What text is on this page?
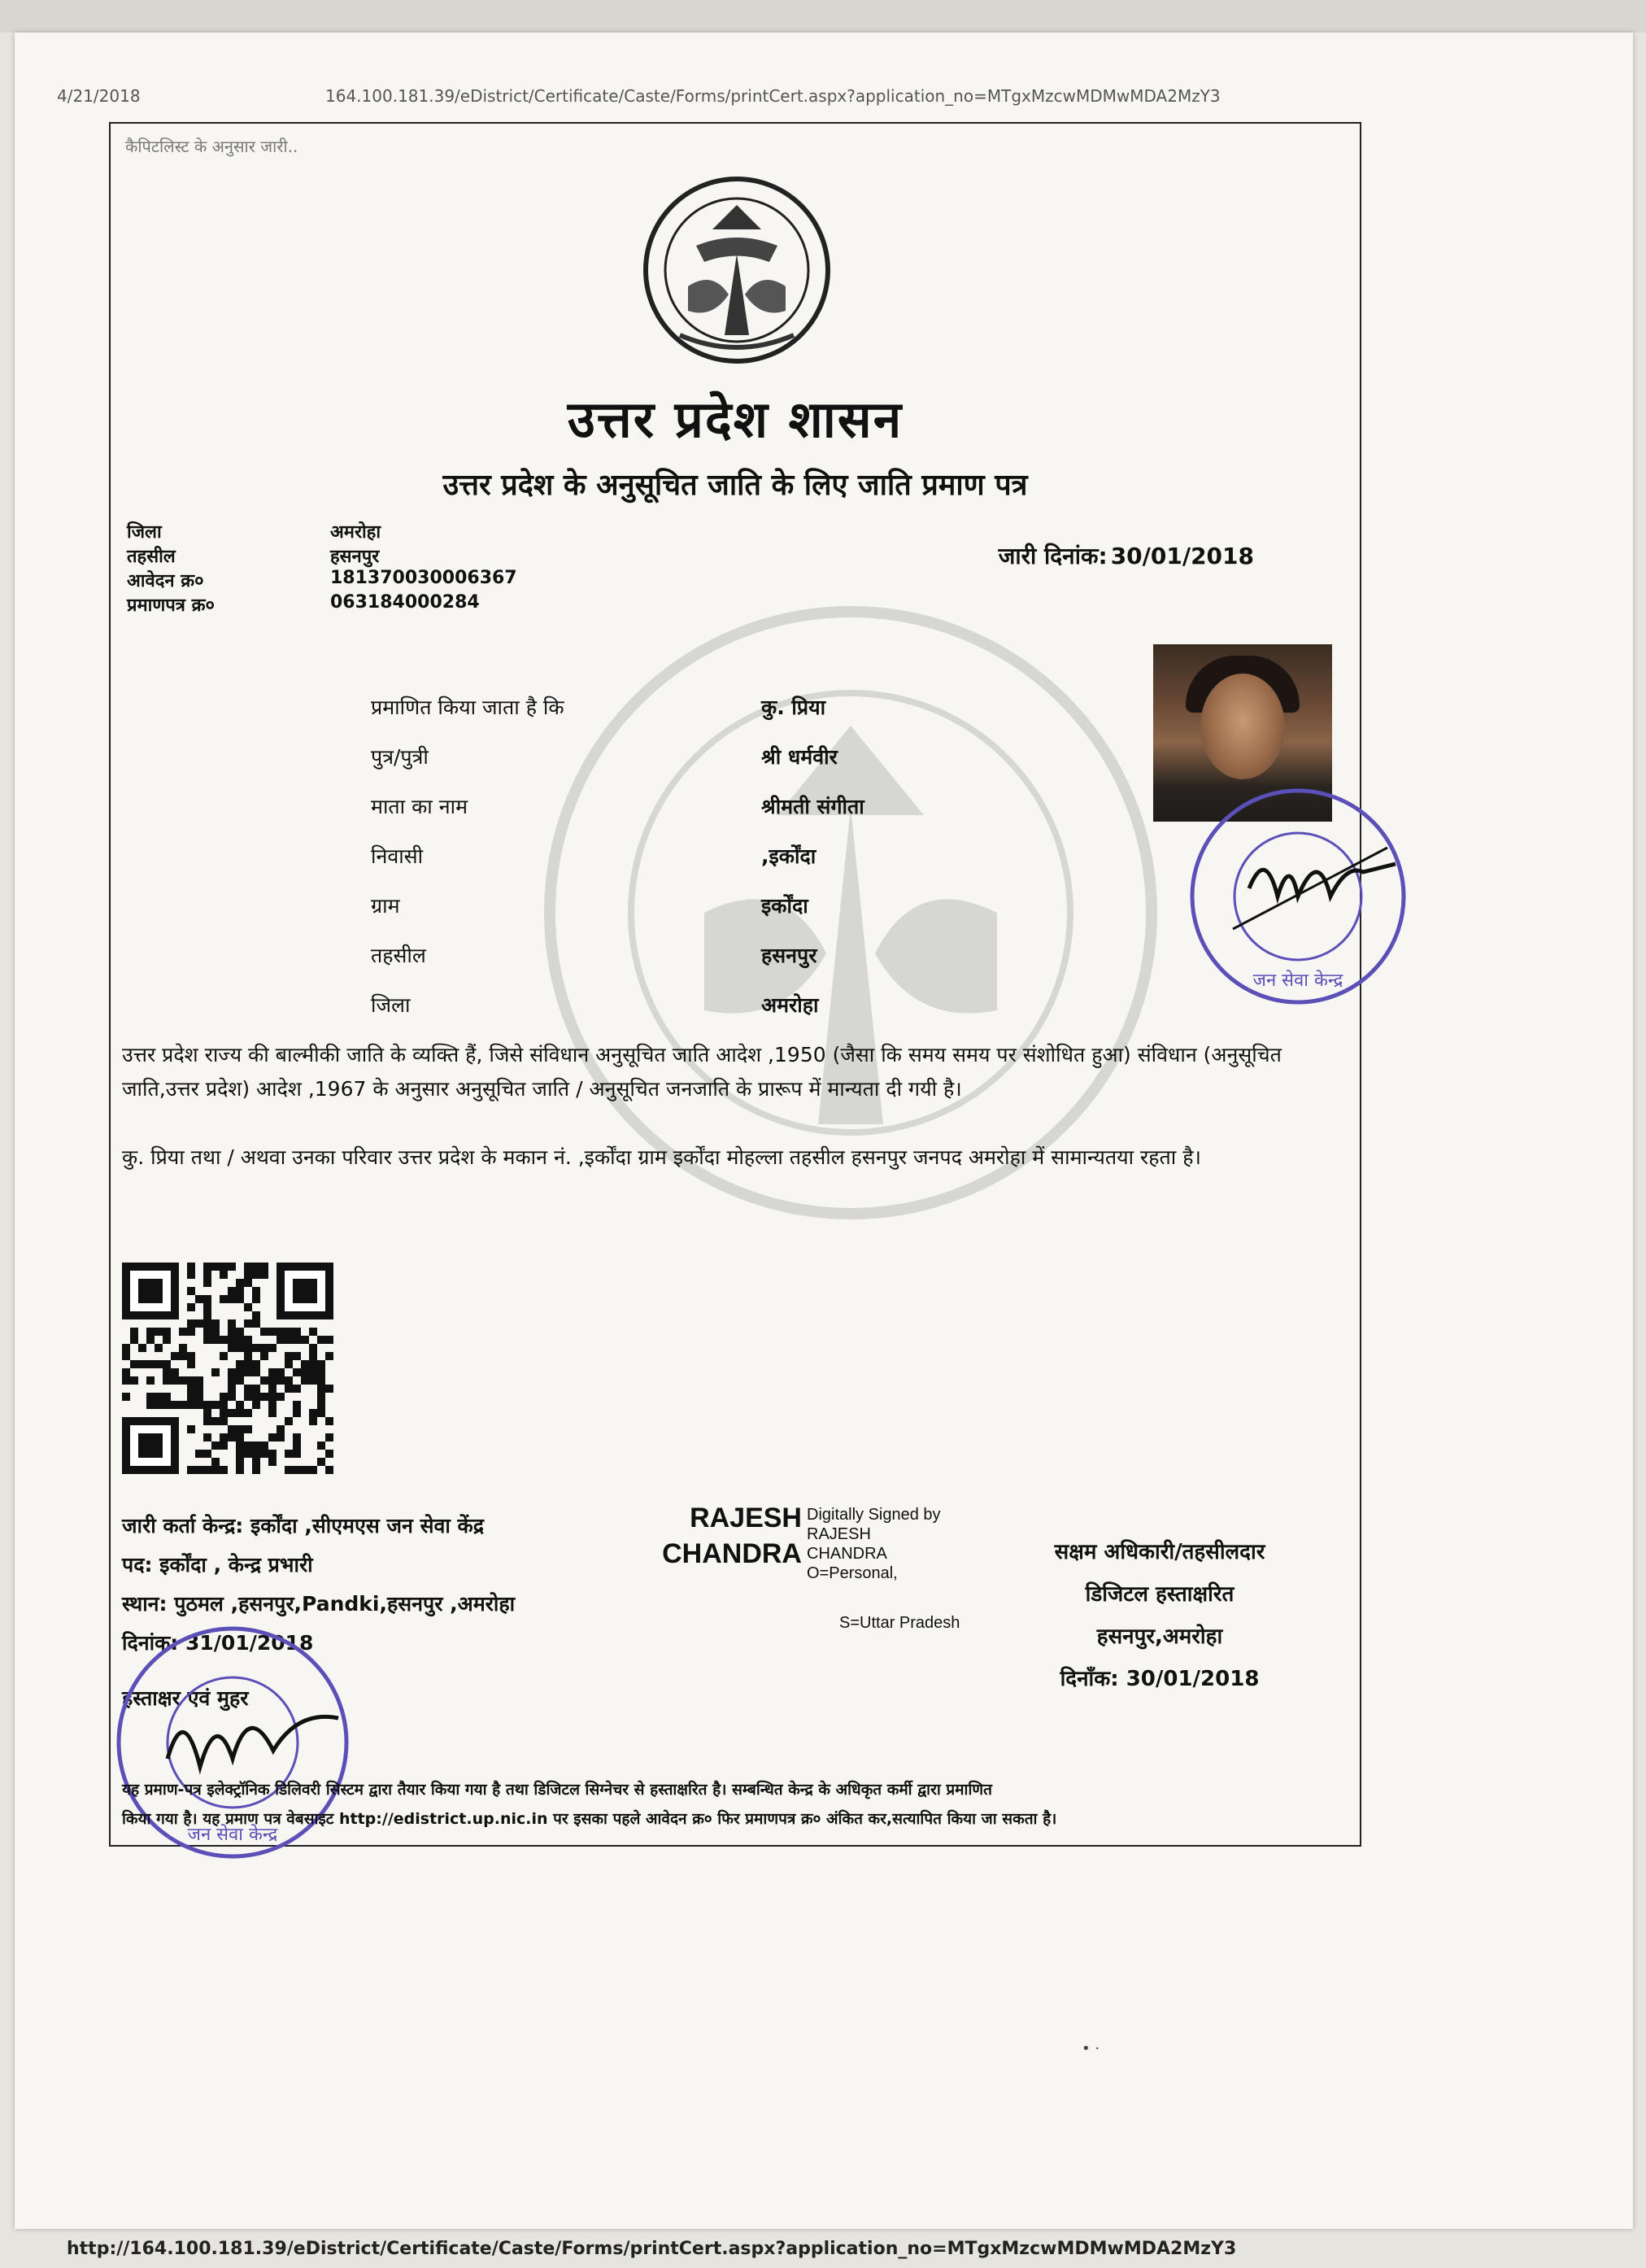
4/21/2018	164.100.181.39/eDistrict/Certificate/Caste/Forms/printCert.aspx?application_no=MTgxMzcwMDMwMDA2MzY3
कैपिटलिस्ट के अनुसार जारी..
उत्तर प्रदेश शासन
उत्तर प्रदेश के अनुसूचित जाति के लिए जाति प्रमाण पत्र
जिला	अमरोहा
तहसील	हसनपुर
आवेदन क्र०	181370030006367
प्रमाणपत्र क्र०	063184000284
जारी दिनांक: 30/01/2018
प्रमाणित किया जाता है कि	कु. प्रिया
पुत्र/पुत्री	श्री धर्मवीर
माता का नाम	श्रीमती संगीता
निवासी	,इर्कोंदा
ग्राम	इर्कोंदा
तहसील	हसनपुर
जिला	अमरोहा
जन सेवा केन्द्र
उत्तर प्रदेश राज्य की बाल्मीकी जाति के व्यक्ति हैं, जिसे संविधान अनुसूचित जाति आदेश ,1950 (जैसा कि समय समय पर संशोधित हुआ) संविधान (अनुसूचित जाति,उत्तर प्रदेश) आदेश ,1967 के अनुसार अनुसूचित जाति / अनुसूचित जनजाति के प्रारूप में मान्यता दी गयी है।
कु. प्रिया तथा / अथवा उनका परिवार उत्तर प्रदेश के मकान नं. ,इर्कोंदा ग्राम इर्कोंदा मोहल्ला तहसील हसनपुर जनपद अमरोहा में सामान्यतया रहता है।
जारी कर्ता केन्द्र: इर्कोंदा ,सीएमएस जन सेवा केंद्र
पद: इर्कोंदा , केन्द्र प्रभारी
स्थान: पुठमल ,हसनपुर,Pandki,हसनपुर ,अमरोहा
दिनांक: 31/01/2018
हस्ताक्षर एवं मुहर
जन सेवा केन्द्र
RAJESH
CHANDRA
Digitally Signed by
RAJESH
CHANDRA
O=Personal,
S=Uttar Pradesh
सक्षम अधिकारी/तहसीलदार
डिजिटल हस्ताक्षरित
हसनपुर,अमरोहा
दिनाँक: 30/01/2018
यह प्रमाण-पत्र इलेक्ट्रॉनिक डिलिवरी सिस्टम द्वारा तैयार किया गया है तथा डिजिटल सिग्नेचर से हस्ताक्षरित है। सम्बन्धित केन्द्र के अधिकृत कर्मी द्वारा प्रमाणित
किया गया है। यह प्रमाण पत्र वेबसाइट http://edistrict.up.nic.in पर इसका पहले आवेदन क्र० फिर प्रमाणपत्र क्र० अंकित कर,सत्यापित किया जा सकता है।
• ·
http://164.100.181.39/eDistrict/Certificate/Caste/Forms/printCert.aspx?application_no=MTgxMzcwMDMwMDA2MzY3
